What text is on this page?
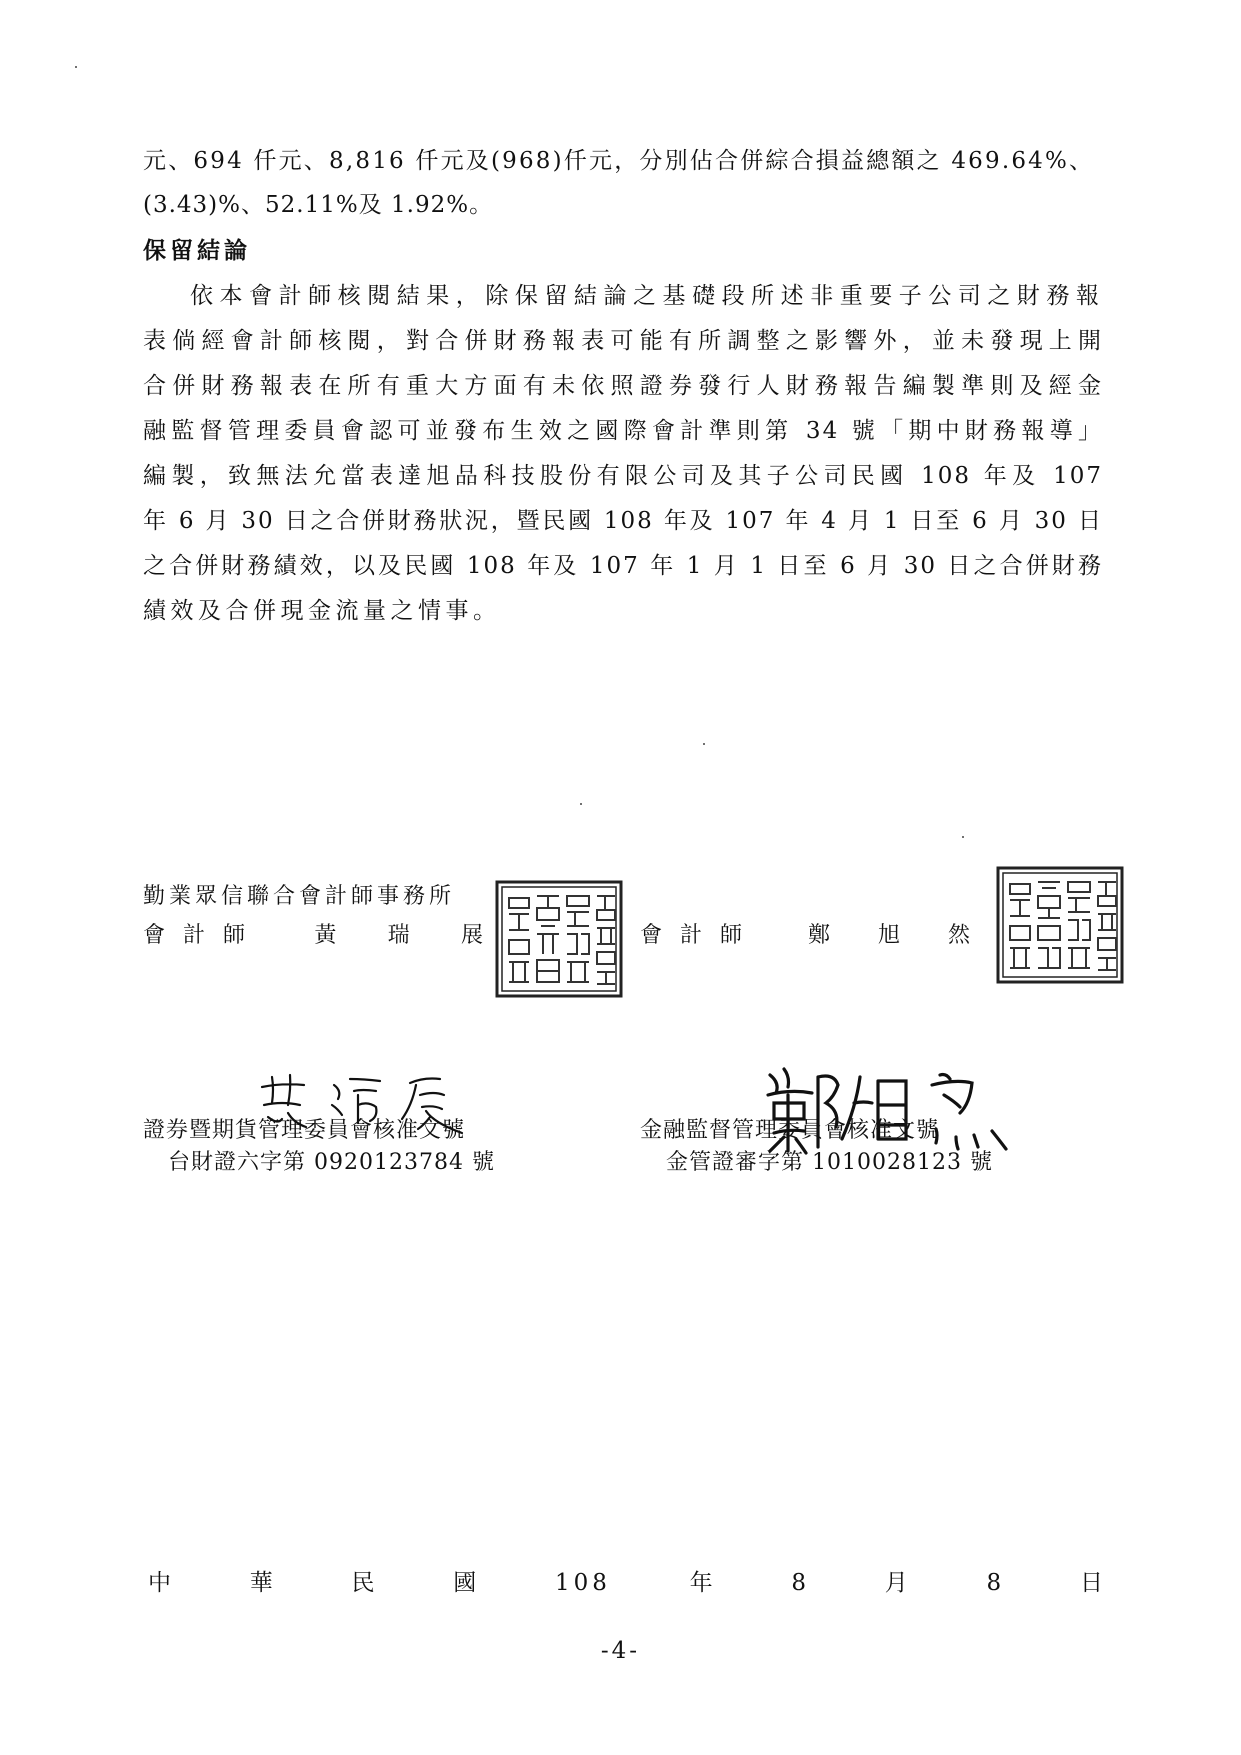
元、694 仟元、8,816 仟元及(968)仟元，分別佔合併綜合損益總額之 469.64%、
(3.43)%、52.11%及 1.92%。
保留結論
依本會計師核閱結果，除保留結論之基礎段所述非重要子公司之財務報
表倘經會計師核閱，對合併財務報表可能有所調整之影響外，並未發現上開
合併財務報表在所有重大方面有未依照證券發行人財務報告編製準則及經金
融監督管理委員會認可並發布生效之國際會計準則第 34 號「期中財務報導」
編製，致無法允當表達旭品科技股份有限公司及其子公司民國 108 年及 107
年 6 月 30 日之合併財務狀況，暨民國 108 年及 107 年 4 月 1 日至 6 月 30 日
之合併財務績效，以及民國 108 年及 107 年 1 月 1 日至 6 月 30 日之合併財務
績效及合併現金流量之情事。
勤業眾信聯合會計師事務所
會計師 黃 瑞 展	會計師 鄭 旭 然
證券暨期貨管理委員會核准文號
台財證六字第 0920123784 號
金融監督管理委員會核准文號
金管證審字第 1010028123 號
中	華	民	國	108	年	8	月	8	日
-4-
